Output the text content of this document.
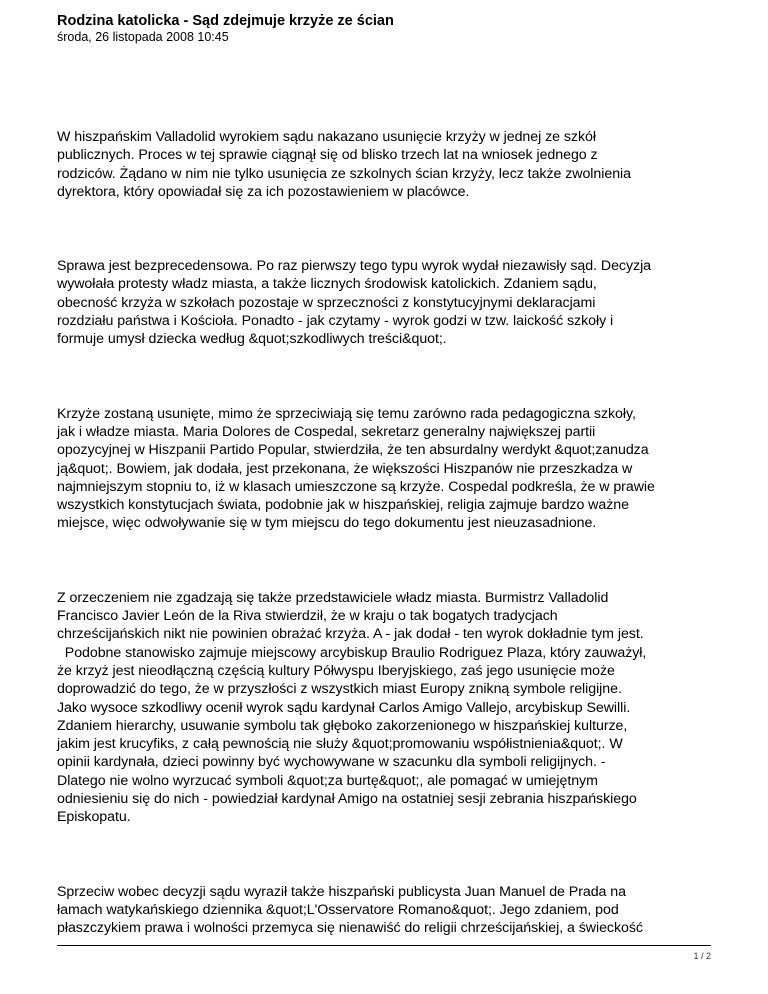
Rodzina katolicka - Sąd zdejmuje krzyże ze ścian

środa, 26 listopada 2008 10:45

W hiszpańskim Valladolid wyrokiem sądu nakazano usunięcie krzyży w jednej ze szkół
publicznych. Proces w tej sprawie ciągnął się od blisko trzech lat na wniosek jednego z
rodziców. Żądano w nim nie tylko usunięcia ze szkolnych ścian krzyży, lecz także zwolnienia
dyrektora, który opowiadał się za ich pozostawieniem w placówce.

Sprawa jest bezprecedensowa. Po raz pierwszy tego typu wyrok wydał niezawisły sąd. Decyzja
wywołała protesty władz miasta, a także licznych środowisk katolickich. Zdaniem sądu,
obecność krzyża w szkołach pozostaje w sprzeczności z konstytucyjnymi deklaracjami
rozdziału państwa i Kościoła. Ponadto - jak czytamy - wyrok godzi w tzw. laickość szkoły i
formuje umysł dziecka według &quot;szkodliwych treści&quot;.

Krzyże zostaną usunięte, mimo że sprzeciwiają się temu zarówno rada pedagogiczna szkoły,
jak i władze miasta. Maria Dolores de Cospedal, sekretarz generalny największej partii
opozycyjnej w Hiszpanii Partido Popular, stwierdziła, że ten absurdalny werdykt &quot;zanudza
ją&quot;. Bowiem, jak dodała, jest przekonana, że większości Hiszpanów nie przeszkadza w
najmniejszym stopniu to, iż w klasach umieszczone są krzyże. Cospedal podkreśla, że w prawie
wszystkich konstytucjach świata, podobnie jak w hiszpańskiej, religia zajmuje bardzo ważne
miejsce, więc odwoływanie się w tym miejscu do tego dokumentu jest nieuzasadnione.

Z orzeczeniem nie zgadzają się także przedstawiciele władz miasta. Burmistrz Valladolid
Francisco Javier León de la Riva stwierdził, że w kraju o tak bogatych tradycjach
chrześcijańskich nikt nie powinien obrażać krzyża. A - jak dodał - ten wyrok dokładnie tym jest.
Podobne stanowisko zajmuje miejscowy arcybiskup Braulio Rodriguez Plaza, który zauważył,
że krzyż jest nieodłączną częścią kultury Półwyspu Iberyjskiego, zaś jego usunięcie może
doprowadzić do tego, że w przyszłości z wszystkich miast Europy znikną symbole religijne.
Jako wysoce szkodliwy ocenił wyrok sądu kardynał Carlos Amigo Vallejo, arcybiskup Sewilli.
Zdaniem hierarchy, usuwanie symbolu tak głęboko zakorzenionego w hiszpańskiej kulturze,
jakim jest krucyfiks, z całą pewnością nie służy &quot;promowaniu współistnienia&quot;. W
opinii kardynała, dzieci powinny być wychowywane w szacunku dla symboli religijnych. -
Dlatego nie wolno wyrzucać symboli &quot;za burtę&quot;, ale pomagać w umiejętnym
odniesieniu się do nich - powiedział kardynał Amigo na ostatniej sesji zebrania hiszpańskiego
Episkopatu.

Sprzeciw wobec decyzji sądu wyraził także hiszpański publicysta Juan Manuel de Prada na
łamach watykańskiego dziennika &quot;L'Osservatore Romano&quot;. Jego zdaniem, pod
płaszczykiem prawa i wolności przemyca się nienawiść do religii chrześcijańskiej, a świeckość

1 / 2
